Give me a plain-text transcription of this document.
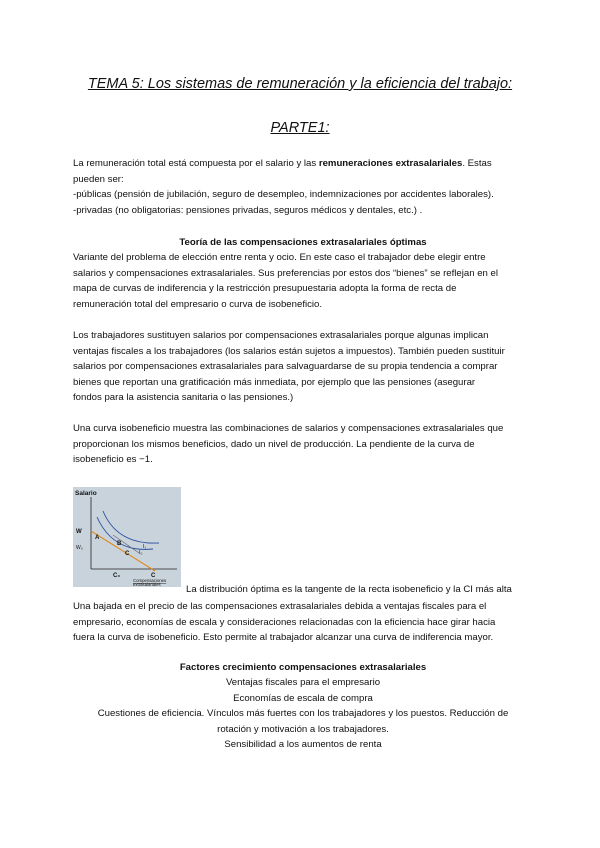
TEMA 5: Los sistemas de remuneración y la eficiencia del trabajo:
PARTE1:
La remuneración total está compuesta por el salario y las remuneraciones extrasalariales. Estas
pueden ser:
-públicas (pensión de jubilación, seguro de desempleo, indemnizaciones por accidentes laborales).
-privadas (no obligatorias: pensiones privadas, seguros médicos y dentales, etc.) .
Teoría de las compensaciones extrasalariales óptimas
Variante del problema de elección entre renta y ocio. En este caso el trabajador debe elegir entre
salarios y compensaciones extrasalariales. Sus preferencias por estos dos “bienes” se reflejan en el
mapa de curvas de indiferencia y la restricción presupuestaria adopta la forma de recta de
remuneración total del empresario o curva de isobeneficio.
Los trabajadores sustituyen salarios por compensaciones extrasalariales porque algunas implican
ventajas fiscales a los trabajadores (los salarios están sujetos a impuestos). También pueden sustituir
salarios por compensaciones extrasalariales para salvaguardarse de su propia tendencia a comprar
bienes que reportan una gratificación más inmediata, por ejemplo que las pensiones (asegurar
fondos para la asistencia sanitaria o las pensiones.)
Una curva isobeneficio muestra las combinaciones de salarios y compensaciones extrasalariales que
proporcionan los mismos beneficios, dado un nivel de producción. La pendiente de la curva de
isobeneficio es −1.
Salario
W
W₀
A
B
C
I₁
I₀
C₀	C
Compensaciones
extrasalariales	La distribución óptima es la tangente de la recta isobeneficio y la CI más alta
Una bajada en el precio de las compensaciones extrasalariales debida a ventajas fiscales para el
empresario, economías de escala y consideraciones relacionadas con la eficiencia hace girar hacia
fuera la curva de isobeneficio. Esto permite al trabajador alcanzar una curva de indiferencia mayor.
Factores crecimiento compensaciones extrasalariales
Ventajas fiscales para el empresario
Economías de escala de compra
Cuestiones de eficiencia. Vínculos más fuertes con los trabajadores y los puestos. Reducción de
rotación y motivación a los trabajadores.
Sensibilidad a los aumentos de renta
